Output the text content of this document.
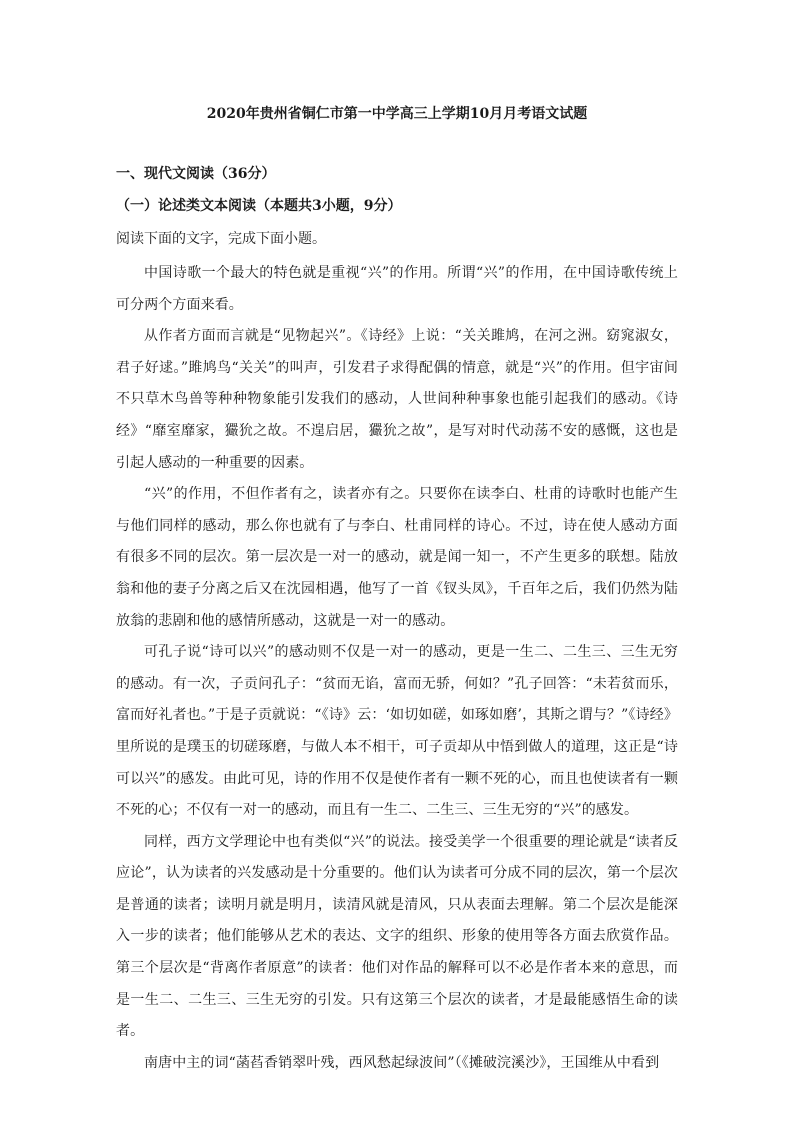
2020年贵州省铜仁市第一中学高三上学期10月月考语文试题
一、现代文阅读（36分）
（一）论述类文本阅读（本题共3小题，9分）

阅读下面的文字，完成下面小题。

中国诗歌一个最大的特色就是重视“兴”的作用。所谓“兴”的作用，在中国诗歌传统上可分两个方面来看。

从作者方面而言就是“见物起兴”。《诗经》上说：“关关雎鸠，在河之洲。窈窕淑女，君子好逑。”雎鸠鸟“关关”的叫声，引发君子求得配偶的情意，就是“兴”的作用。但宇宙间不只草木鸟兽等种种物象能引发我们的感动，人世间种种事象也能引起我们的感动。《诗经》“靡室靡家，玁狁之故。不遑启居，玁狁之故”，是写对时代动荡不安的感慨，这也是引起人感动的一种重要的因素。

“兴”的作用，不但作者有之，读者亦有之。只要你在读李白、杜甫的诗歌时也能产生与他们同样的感动，那么你也就有了与李白、杜甫同样的诗心。不过，诗在使人感动方面有很多不同的层次。第一层次是一对一的感动，就是闻一知一，不产生更多的联想。陆放翁和他的妻子分离之后又在沈园相遇，他写了一首《钗头凤》，千百年之后，我们仍然为陆放翁的悲剧和他的感情所感动，这就是一对一的感动。

可孔子说“诗可以兴”的感动则不仅是一对一的感动，更是一生二、二生三、三生无穷的感动。有一次，子贡问孔子：“贫而无谄，富而无骄，何如？”孔子回答：“未若贫而乐，富而好礼者也。”于是子贡就说：“《诗》云：‘如切如磋，如琢如磨’，其斯之谓与？”《诗经》里所说的是璞玉的切磋琢磨，与做人本不相干，可子贡却从中悟到做人的道理，这正是“诗可以兴”的感发。由此可见，诗的作用不仅是使作者有一颗不死的心，而且也使读者有一颗不死的心；不仅有一对一的感动，而且有一生二、二生三、三生无穷的“兴”的感发。

同样，西方文学理论中也有类似“兴”的说法。接受美学一个很重要的理论就是“读者反应论”，认为读者的兴发感动是十分重要的。他们认为读者可分成不同的层次，第一个层次是普通的读者；读明月就是明月，读清风就是清风，只从表面去理解。第二个层次是能深入一步的读者；他们能够从艺术的表达、文字的组织、形象的使用等各方面去欣赏作品。第三个层次是“背离作者原意”的读者：他们对作品的解释可以不必是作者本来的意思，而是一生二、二生三、三生无穷的引发。只有这第三个层次的读者，才是最能感悟生命的读者。

南唐中主的词“菡萏香销翠叶残，西风愁起绿波间”（《摊破浣溪沙》，王国维从中看到
